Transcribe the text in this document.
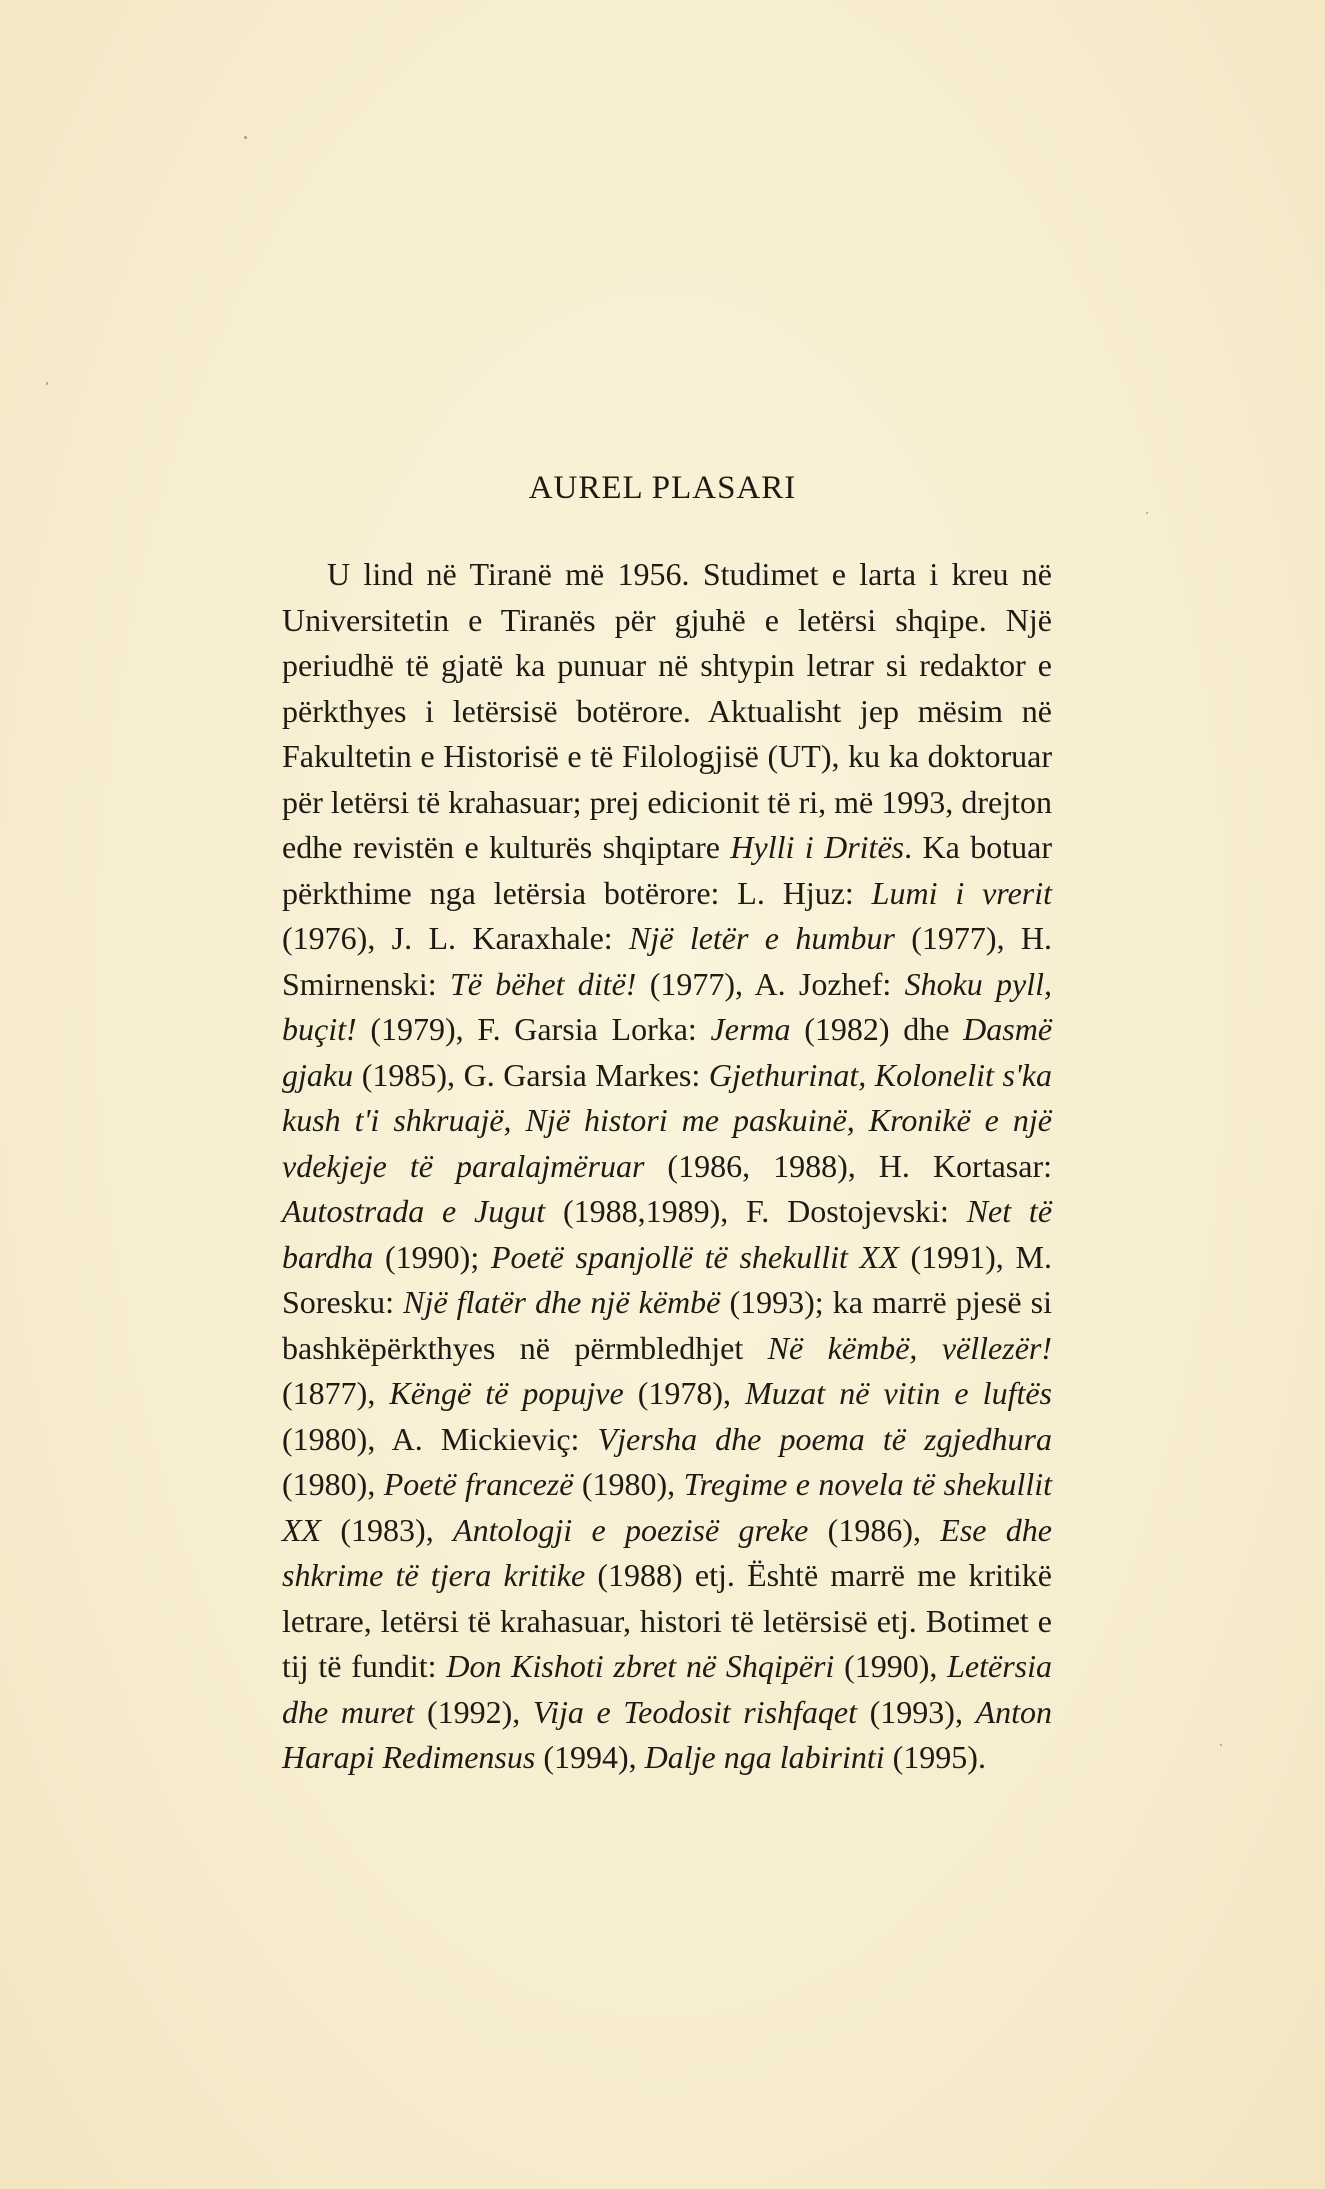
AUREL PLASARI

U lind në Tiranë më 1956. Studimet e larta i kreu në Universitetin e Tiranës për gjuhë e letërsi shqipe. Një periudhë të gjatë ka punuar në shtypin letrar si redaktor e përkthyes i letërsisë botërore. Aktualisht jep mësim në Fakultetin e Historisë e të Filologjisë (UT), ku ka doktoruar për letërsi të krahasuar; prej edicionit të ri, më 1993, drejton edhe revistën e kulturës shqiptare Hylli i Dritës. Ka botuar përkthime nga letërsia botërore: L. Hjuz: Lumi i vrerit (1976), J. L. Karaxhale: Një letër e humbur (1977), H. Smirnenski: Të bëhet ditë! (1977), A. Jozhef: Shoku pyll, buçit! (1979), F. Garsia Lorka: Jerma (1982) dhe Dasmë gjaku (1985), G. Garsia Markes: Gjethurinat, Kolonelit s'ka kush t'i shkruajë, Një histori me paskuinë, Kronikë e një vdekjeje të paralajmëruar (1986, 1988), H. Kortasar: Autostrada e Jugut (1988,1989), F. Dostojevski: Net të bardha (1990); Poetë spanjollë të shekullit XX (1991), M. Soresku: Një flatër dhe një këmbë (1993); ka marrë pjesë si bashkëpërkthyes në përmbledhjet Në këmbë, vëllezër! (1877), Këngë të popujve (1978), Muzat në vitin e luftës (1980), A. Mickieviç: Vjersha dhe poema të zgjedhura (1980), Poetë francezë (1980), Tregime e novela të shekullit XX (1983), Antologji e poezisë greke (1986), Ese dhe shkrime të tjera kritike (1988) etj. Është marrë me kritikë letrare, letërsi të krahasuar, histori të letërsisë etj. Botimet e tij të fundit: Don Kishoti zbret në Shqipëri (1990), Letërsia dhe muret (1992), Vija e Teodosit rishfaqet (1993), Anton Harapi Redimensus (1994), Dalje nga labirinti (1995).
